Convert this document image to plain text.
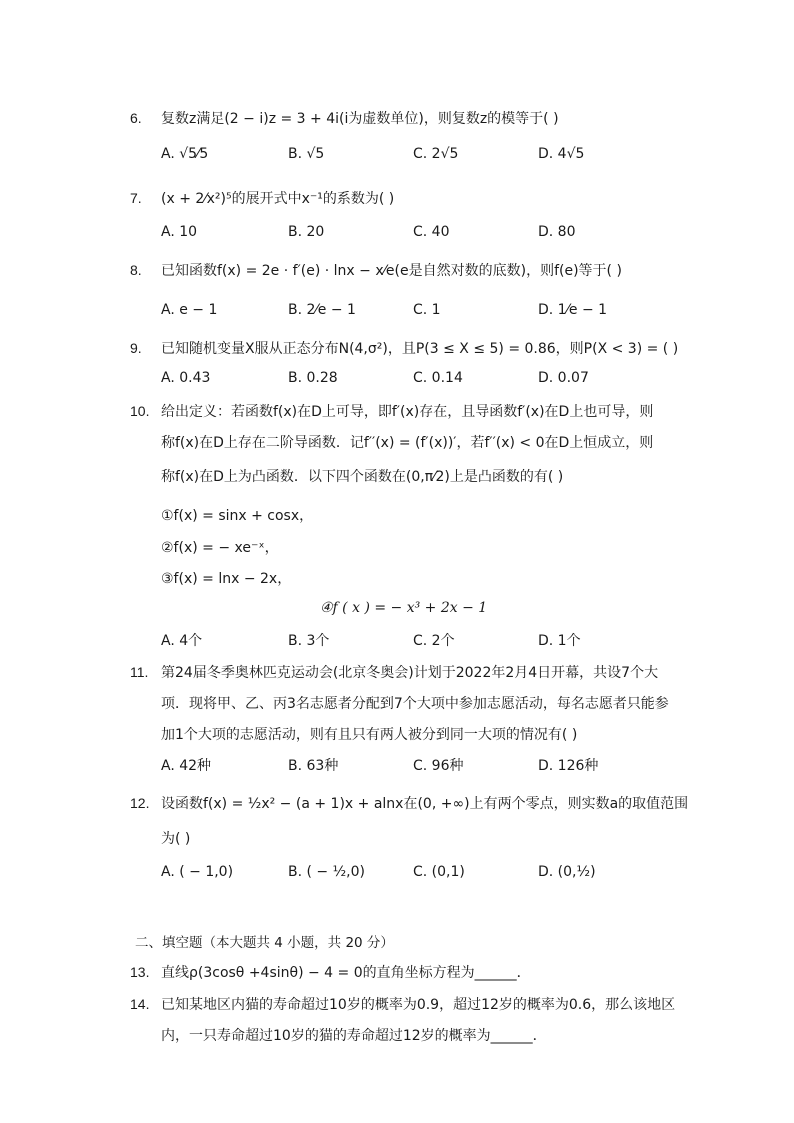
6.	复数z满足(2 − i)z = 3 + 4i(i为虚数单位)，则复数z的模等于( )
A. √5⁄5	B. √5	C. 2√5	D. 4√5
7.	(x + 2⁄x²)⁵的展开式中x⁻¹的系数为( )
A. 10	B. 20	C. 40	D. 80
8.	已知函数f(x) = 2e · f′(e) · lnx − x⁄e(e是自然对数的底数)，则f(e)等于( )
A. e − 1	B. 2⁄e − 1	C. 1	D. 1⁄e − 1
9.	已知随机变量X服从正态分布N(4,σ²)，且P(3 ≤ X ≤ 5) = 0.86，则P(X < 3) = ( )
A. 0.43	B. 0.28	C. 0.14	D. 0.07
10. 给出定义：若函数f(x)在D上可导，即f′(x)存在，且导函数f′(x)在D上也可导，则
称f(x)在D上存在二阶导函数．记f′′(x) = (f′(x))′，若f′′(x) < 0在D上恒成立，则
称f(x)在D上为凸函数．以下四个函数在(0,π⁄2)上是凸函数的有( )
①f(x) = sinx + cosx，
②f(x) = − xe⁻ˣ，
③f(x) = lnx − 2x，
④f ( x ) = − x³ + 2x − 1
A. 4个	B. 3个	C. 2个	D. 1个
11. 第24届冬季奥林匹克运动会(北京冬奥会)计划于2022年2月4日开幕，共设7个大
项．现将甲、乙、丙3名志愿者分配到7个大项中参加志愿活动，每名志愿者只能参
加1个大项的志愿活动，则有且只有两人被分到同一大项的情况有( )
A. 42种	B. 63种	C. 96种	D. 126种
12. 设函数f(x) = ½x² − (a + 1)x + alnx在(0, +∞)上有两个零点，则实数a的取值范围
为( )
A. ( − 1,0)	B. ( − ½,0)	C. (0,1)	D. (0,½)
二、填空题（本大题共 4 小题，共 20 分）
13. 直线ρ(3cosθ +4sinθ) − 4 = 0的直角坐标方程为______．
14. 已知某地区内猫的寿命超过10岁的概率为0.9，超过12岁的概率为0.6，那么该地区
内，一只寿命超过10岁的猫的寿命超过12岁的概率为______．
